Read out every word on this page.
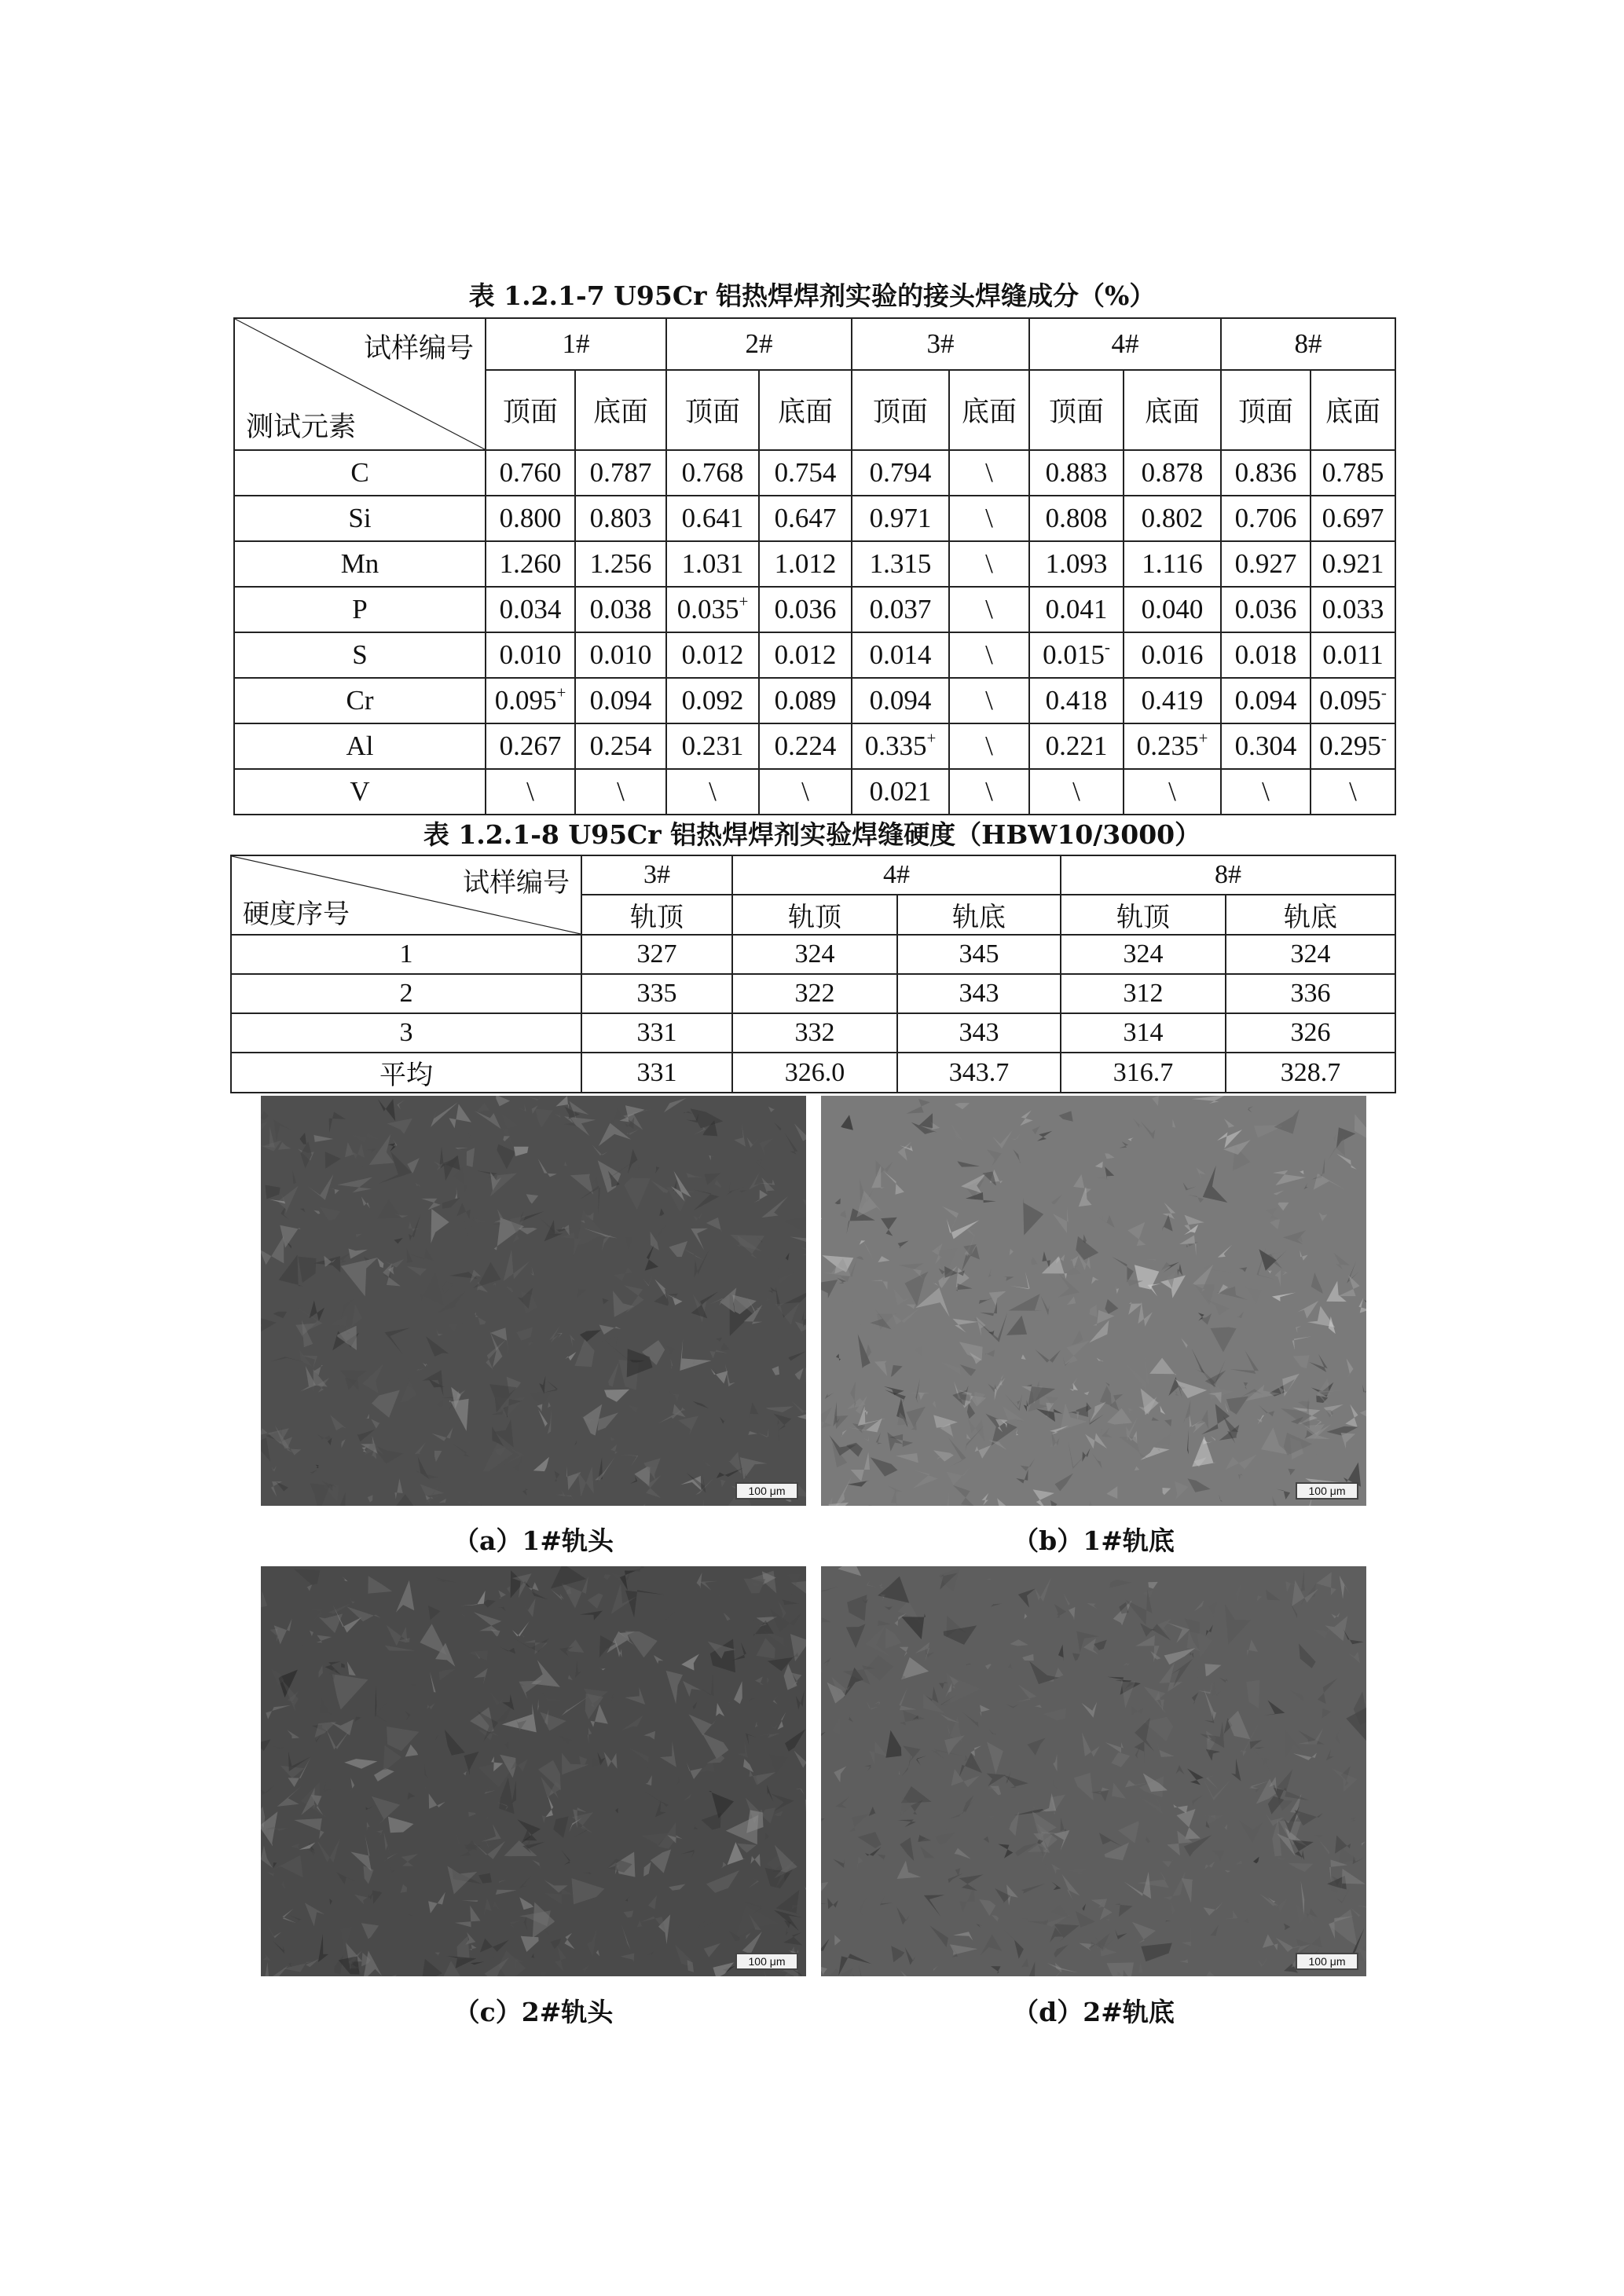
表 1.2.1-7 U95Cr 铝热焊焊剂实验的接头焊缝成分（%）
试样编号
测试元素	1#		2#		3#		4#		8#	
	顶面	底面	顶面	底面	顶面	底面	顶面	底面	顶面	底面
C	0.760	0.787	0.768	0.754	0.794	\	0.883	0.878	0.836	0.785
Si	0.800	0.803	0.641	0.647	0.971	\	0.808	0.802	0.706	0.697
Mn	1.260	1.256	1.031	1.012	1.315	\	1.093	1.116	0.927	0.921
P	0.034	0.038	0.035+	0.036	0.037	\	0.041	0.040	0.036	0.033
S	0.010	0.010	0.012	0.012	0.014	\	0.015-	0.016	0.018	0.011
Cr	0.095+	0.094	0.092	0.089	0.094	\	0.418	0.419	0.094	0.095-
Al	0.267	0.254	0.231	0.224	0.335+	\	0.221	0.235+	0.304	0.295-
V	\	\	\	\	0.021	\	\	\	\	\
表 1.2.1-8 U95Cr 铝热焊焊剂实验焊缝硬度（HBW10/3000）
试样编号
硬度序号	3#	4#		8#	
	轨顶	轨顶	轨底	轨顶	轨底
1	327	324	345	324	324
2	335	322	343	312	336
3	331	332	343	314	326
平均	331	326.0	343.7	316.7	328.7
100 μm	100 μm
（a）1#轨头	（b）1#轨底
100 μm	100 μm
（c）2#轨头	（d）2#轨底
